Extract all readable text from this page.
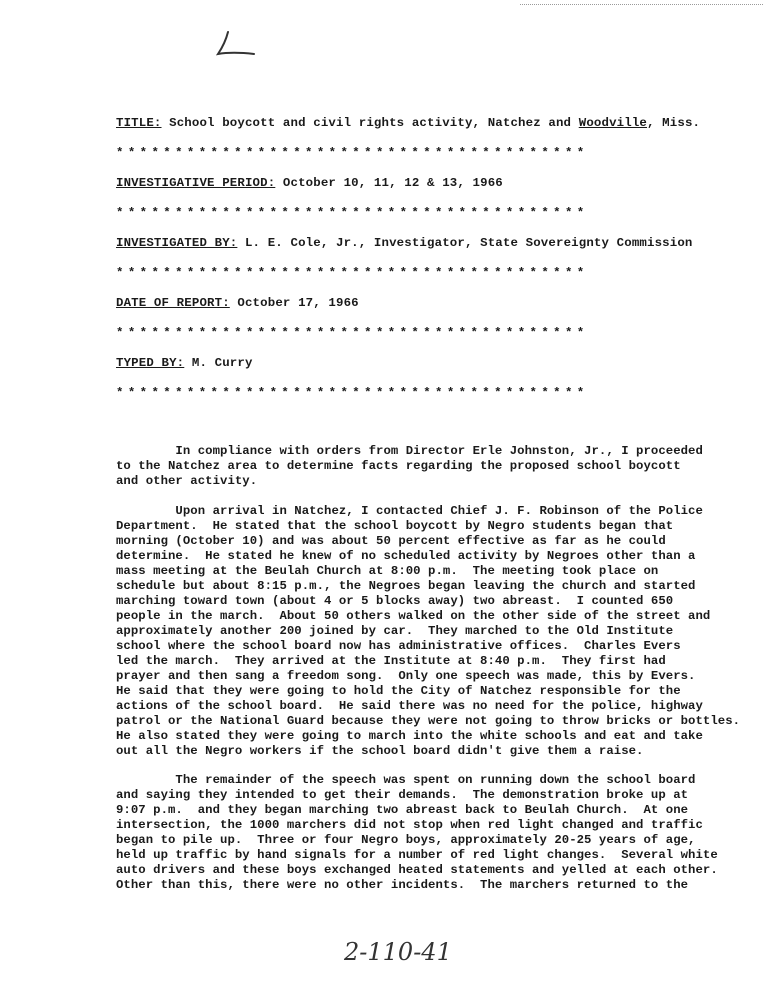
TITLE: School boycott and civil rights activity, Natchez and Woodville, Miss.
****************************************
INVESTIGATIVE PERIOD: October 10, 11, 12 & 13, 1966
****************************************
INVESTIGATED BY: L. E. Cole, Jr., Investigator, State Sovereignty Commission
****************************************
DATE OF REPORT: October 17, 1966
****************************************
TYPED BY: M. Curry
****************************************
In compliance with orders from Director Erle Johnston, Jr., I proceeded
to the Natchez area to determine facts regarding the proposed school boycott
and other activity.
Upon arrival in Natchez, I contacted Chief J. F. Robinson of the Police
Department.  He stated that the school boycott by Negro students began that
morning (October 10) and was about 50 percent effective as far as he could
determine.  He stated he knew of no scheduled activity by Negroes other than a
mass meeting at the Beulah Church at 8:00 p.m.  The meeting took place on
schedule but about 8:15 p.m., the Negroes began leaving the church and started
marching toward town (about 4 or 5 blocks away) two abreast.  I counted 650
people in the march.  About 50 others walked on the other side of the street and
approximately another 200 joined by car.  They marched to the Old Institute
school where the school board now has administrative offices.  Charles Evers
led the march.  They arrived at the Institute at 8:40 p.m.  They first had
prayer and then sang a freedom song.  Only one speech was made, this by Evers.
He said that they were going to hold the City of Natchez responsible for the
actions of the school board.  He said there was no need for the police, highway
patrol or the National Guard because they were not going to throw bricks or bottles.
He also stated they were going to march into the white schools and eat and take
out all the Negro workers if the school board didn't give them a raise.
The remainder of the speech was spent on running down the school board
and saying they intended to get their demands.  The demonstration broke up at
9:07 p.m.  and they began marching two abreast back to Beulah Church.  At one
intersection, the 1000 marchers did not stop when red light changed and traffic
began to pile up.  Three or four Negro boys, approximately 20-25 years of age,
held up traffic by hand signals for a number of red light changes.  Several white
auto drivers and these boys exchanged heated statements and yelled at each other.
Other than this, there were no other incidents.  The marchers returned to the
2-110-41
